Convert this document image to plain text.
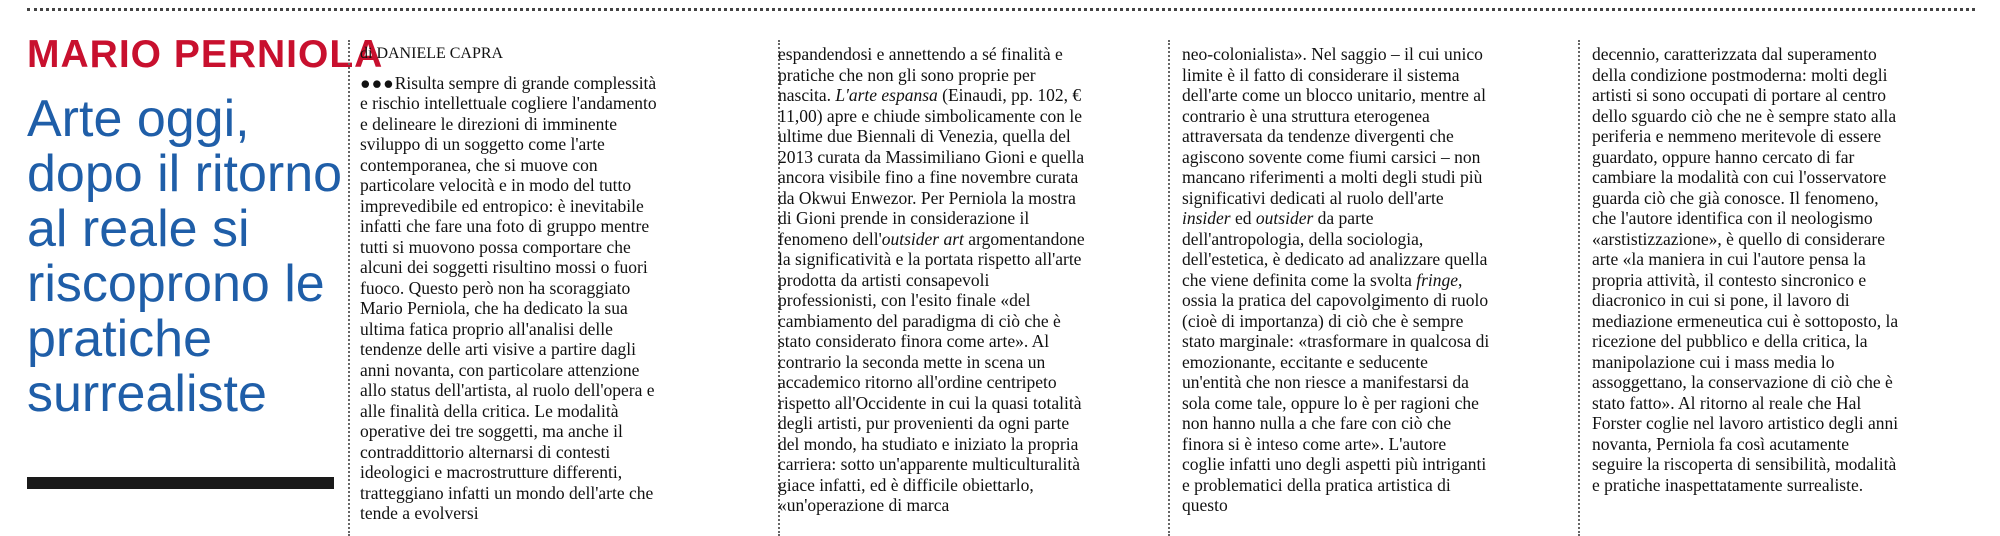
MARIO PERNIOLA
Arte oggi, dopo il ritorno al reale si riscoprono le pratiche surrealiste
di DANIELE CAPRA

●●●Risulta sempre di grande complessità e rischio intellettuale cogliere l'andamento e delineare le direzioni di imminente sviluppo di un soggetto come l'arte contemporanea, che si muove con particolare velocità e in modo del tutto imprevedibile ed entropico: è inevitabile infatti che fare una foto di gruppo mentre tutti si muovono possa comportare che alcuni dei soggetti risultino mossi o fuori fuoco. Questo però non ha scoraggiato Mario Perniola, che ha dedicato la sua ultima fatica proprio all'analisi delle tendenze delle arti visive a partire dagli anni novanta, con particolare attenzione allo status dell'artista, al ruolo dell'opera e alle finalità della critica. Le modalità operative dei tre soggetti, ma anche il contraddittorio alternarsi di contesti ideologici e macrostrutture differenti, tratteggiano infatti un mondo dell'arte che tende a evolversi

espandendosi e annettendo a sé finalità e pratiche che non gli sono proprie per nascita. L'arte espansa (Einaudi, pp. 102, € 11,00) apre e chiude simbolicamente con le ultime due Biennali di Venezia, quella del 2013 curata da Massimiliano Gioni e quella ancora visibile fino a fine novembre curata da Okwui Enwezor. Per Perniola la mostra di Gioni prende in considerazione il fenomeno dell'outsider art argomentandone la significatività e la portata rispetto all'arte prodotta da artisti consapevoli professionisti, con l'esito finale «del cambiamento del paradigma di ciò che è stato considerato finora come arte». Al contrario la seconda mette in scena un accademico ritorno all'ordine centripeto rispetto all'Occidente in cui la quasi totalità degli artisti, pur provenienti da ogni parte del mondo, ha studiato e iniziato la propria carriera: sotto un'apparente multiculturalità giace infatti, ed è difficile obiettarlo, «un'operazione di marca

neo-colonialista». Nel saggio – il cui unico limite è il fatto di considerare il sistema dell'arte come un blocco unitario, mentre al contrario è una struttura eterogenea attraversata da tendenze divergenti che agiscono sovente come fiumi carsici – non mancano riferimenti a molti degli studi più significativi dedicati al ruolo dell'arte insider ed outsider da parte dell'antropologia, della sociologia, dell'estetica, è dedicato ad analizzare quella che viene definita come la svolta fringe, ossia la pratica del capovolgimento di ruolo (cioè di importanza) di ciò che è sempre stato marginale: «trasformare in qualcosa di emozionante, eccitante e seducente un'entità che non riesce a manifestarsi da sola come tale, oppure lo è per ragioni che non hanno nulla a che fare con ciò che finora si è inteso come arte». L'autore coglie infatti uno degli aspetti più intriganti e problematici della pratica artistica di questo

decennio, caratterizzata dal superamento della condizione postmoderna: molti degli artisti si sono occupati di portare al centro dello sguardo ciò che ne è sempre stato alla periferia e nemmeno meritevole di essere guardato, oppure hanno cercato di far cambiare la modalità con cui l'osservatore guarda ciò che già conosce. Il fenomeno, che l'autore identifica con il neologismo «arstistizzazione», è quello di considerare arte «la maniera in cui l'autore pensa la propria attività, il contesto sincronico e diacronico in cui si pone, il lavoro di mediazione ermeneutica cui è sottoposto, la ricezione del pubblico e della critica, la manipolazione cui i mass media lo assoggettano, la conservazione di ciò che è stato fatto». Al ritorno al reale che Hal Forster coglie nel lavoro artistico degli anni novanta, Perniola fa così acutamente seguire la riscoperta di sensibilità, modalità e pratiche inaspettatamente surrealiste.
